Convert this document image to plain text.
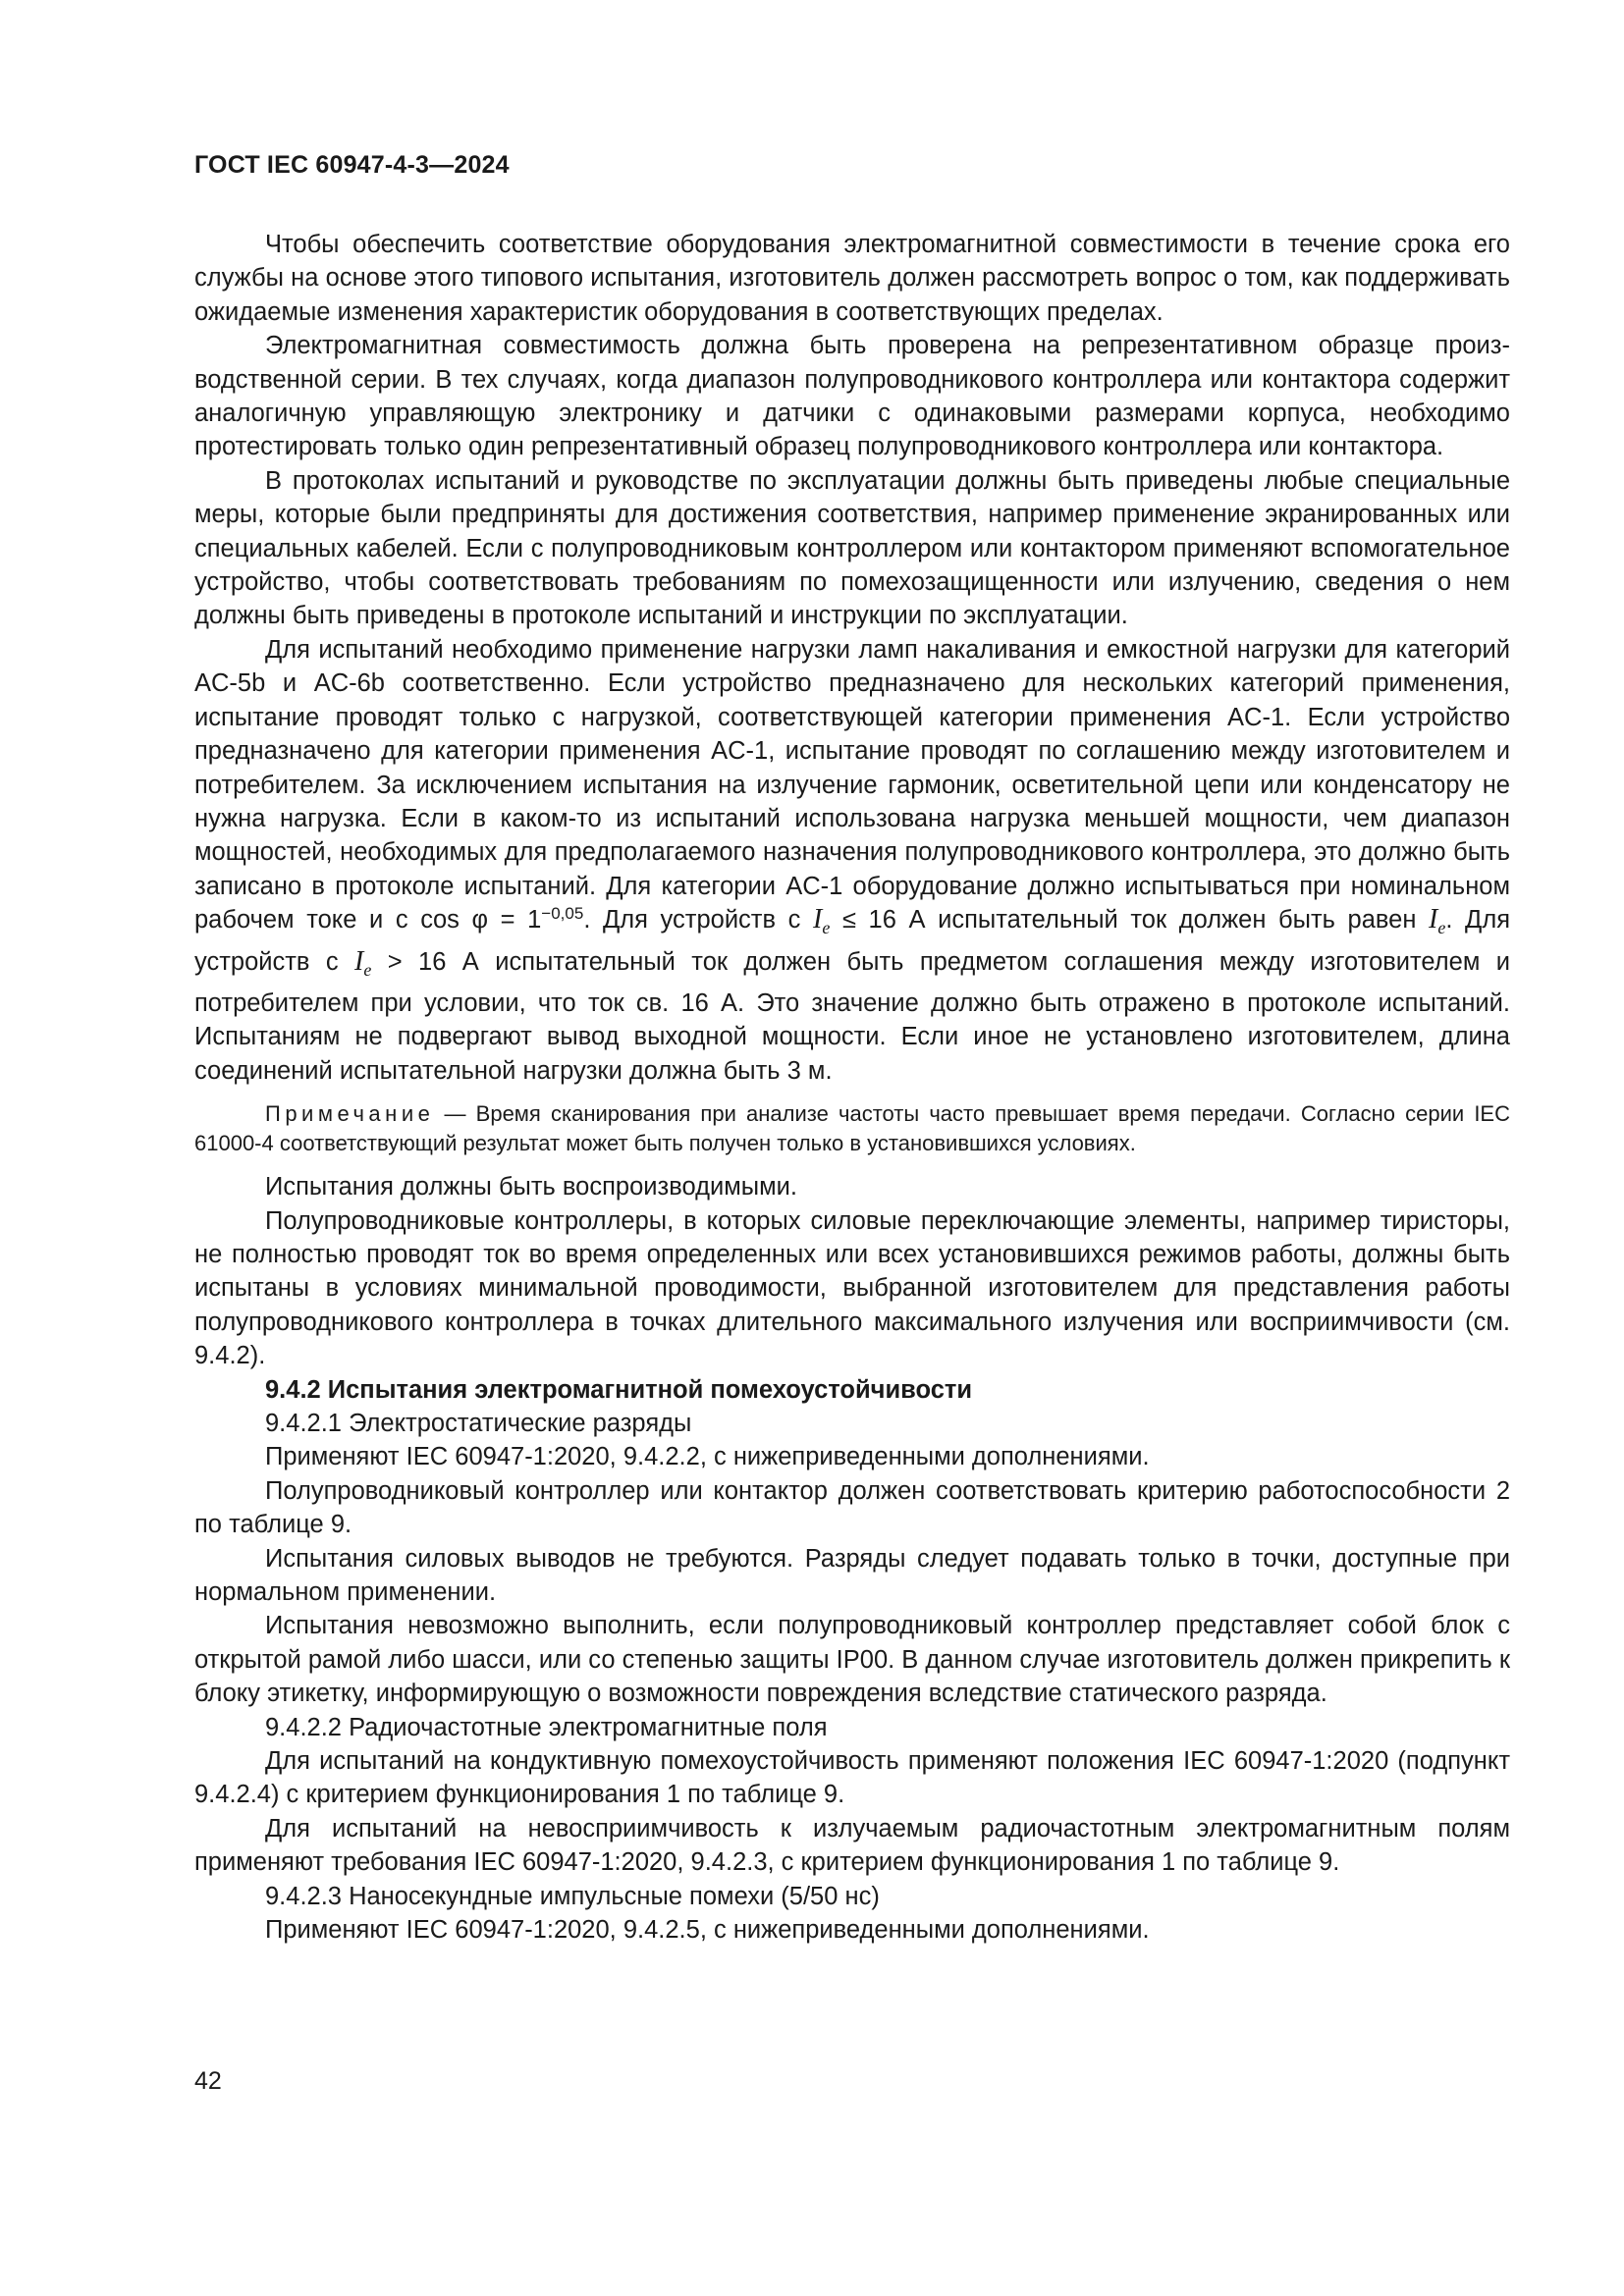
ГОСТ IEC 60947-4-3—2024

Чтобы обеспечить соответствие оборудования электромагнитной совместимости в течение срока его службы на основе этого типового испытания, изготовитель должен рассмотреть вопрос о том, как поддерживать ожидаемые изменения характеристик оборудования в соответствующих пределах.

Электромагнитная совместимость должна быть проверена на репрезентативном образце производственной серии. В тех случаях, когда диапазон полупроводникового контроллера или контактора содержит аналогичную управляющую электронику и датчики с одинаковыми размерами корпуса, необходимо протестировать только один репрезентативный образец полупроводникового контроллера или контактора.

В протоколах испытаний и руководстве по эксплуатации должны быть приведены любые специальные меры, которые были предприняты для достижения соответствия, например применение экранированных или специальных кабелей. Если с полупроводниковым контроллером или контактором применяют вспомогательное устройство, чтобы соответствовать требованиям по помехозащищенности или излучению, сведения о нем должны быть приведены в протоколе испытаний и инструкции по эксплуатации.

Для испытаний необходимо применение нагрузки ламп накаливания и емкостной нагрузки для категорий AC-5b и AC-6b соответственно. Если устройство предназначено для нескольких категорий применения, испытание проводят только с нагрузкой, соответствующей категории применения AC-1. Если устройство предназначено для категории применения AC-1, испытание проводят по соглашению между изготовителем и потребителем. За исключением испытания на излучение гармоник, осветительной цепи или конденсатору не нужна нагрузка. Если в каком-то из испытаний использована нагрузка меньшей мощности, чем диапазон мощностей, необходимых для предполагаемого назначения полупроводникового контроллера, это должно быть записано в протоколе испытаний. Для категории AC-1 оборудование должно испытываться при номинальном рабочем токе и с $\cos \varphi = 1^{-0,05}$. Для устройств с $I_e \le 16$ А испытательный ток должен быть равен $I_e$. Для устройств с $I_e > 16$ А испытательный ток должен быть предметом соглашения между изготовителем и потребителем при условии, что ток св. 16 А. Это значение должно быть отражено в протоколе испытаний. Испытаниям не подвергают вывод выходной мощности. Если иное не установлено изготовителем, длина соединений испытательной нагрузки должна быть 3 м.

Примечание — Время сканирования при анализе частоты часто превышает время передачи. Согласно серии IEC 61000-4 соответствующий результат может быть получен только в установившихся условиях.

Испытания должны быть воспроизводимыми.

Полупроводниковые контроллеры, в которых силовые переключающие элементы, например тиристоры, не полностью проводят ток во время определенных или всех установившихся режимов работы, должны быть испытаны в условиях минимальной проводимости, выбранной изготовителем для представления работы полупроводникового контроллера в точках длительного максимального излучения или восприимчивости (см. 9.4.2).

9.4.2 Испытания электромагнитной помехоустойчивости

9.4.2.1 Электростатические разряды

Применяют IEC 60947-1:2020, 9.4.2.2, с нижеприведенными дополнениями.

Полупроводниковый контроллер или контактор должен соответствовать критерию работоспособности 2 по таблице 9.

Испытания силовых выводов не требуются. Разряды следует подавать только в точки, доступные при нормальном применении.

Испытания невозможно выполнить, если полупроводниковый контроллер представляет собой блок с открытой рамой либо шасси, или со степенью защиты IP00. В данном случае изготовитель должен прикрепить к блоку этикетку, информирующую о возможности повреждения вследствие статического разряда.

9.4.2.2 Радиочастотные электромагнитные поля

Для испытаний на кондуктивную помехоустойчивость применяют положения IEC 60947-1:2020 (подпункт 9.4.2.4) с критерием функционирования 1 по таблице 9.

Для испытаний на невосприимчивость к излучаемым радиочастотным электромагнитным полям применяют требования IEC 60947-1:2020, 9.4.2.3, с критерием функционирования 1 по таблице 9.

9.4.2.3 Наносекундные импульсные помехи (5/50 нс)

Применяют IEC 60947-1:2020, 9.4.2.5, с нижеприведенными дополнениями.

42
